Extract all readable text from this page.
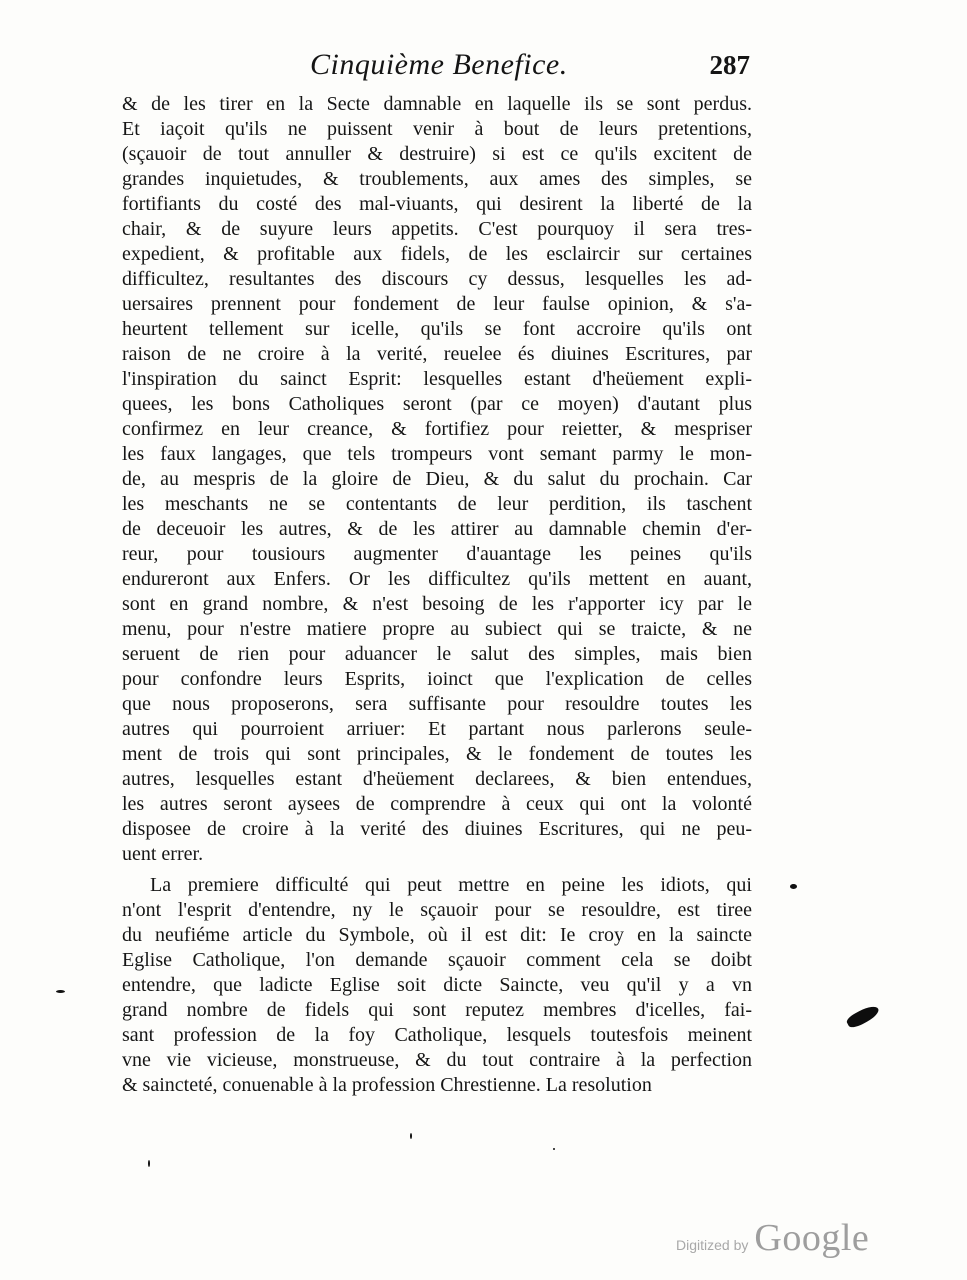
Cinquième Benefice.	287
& de les tirer en la Secte damnable en laquelle ils se sont perdus.
Et iaçoit qu'ils ne puissent venir à bout de leurs pretentions,
(sçauoir de tout annuller & destruire) si est ce qu'ils excitent de
grandes inquietudes, & troublements, aux ames des simples, se
fortifiants du costé des mal-viuants, qui desirent la liberté de la
chair, & de suyure leurs appetits. C'est pourquoy il sera tres-
expedient, & profitable aux fidels, de les esclaircir sur certaines
difficultez, resultantes des discours cy dessus, lesquelles les ad-
uersaires prennent pour fondement de leur faulse opinion, & s'a-
heurtent tellement sur icelle, qu'ils se font accroire qu'ils ont
raison de ne croire à la verité, reuelee és diuines Escritures, par
l'inspiration du sainct Esprit: lesquelles estant d'heüement expli-
quees, les bons Catholiques seront (par ce moyen) d'autant plus
confirmez en leur creance, & fortifiez pour reietter, & mespriser
les faux langages, que tels trompeurs vont semant parmy le mon-
de, au mespris de la gloire de Dieu, & du salut du prochain. Car
les meschants ne se contentants de leur perdition, ils taschent
de deceuoir les autres, & de les attirer au damnable chemin d'er-
reur, pour tousiours augmenter d'auantage les peines qu'ils
endureront aux Enfers. Or les difficultez qu'ils mettent en auant,
sont en grand nombre, & n'est besoing de les r'apporter icy par le
menu, pour n'estre matiere propre au subiect qui se traicte, & ne
seruent de rien pour aduancer le salut des simples, mais bien
pour confondre leurs Esprits, ioinct que l'explication de celles
que nous proposerons, sera suffisante pour resouldre toutes les
autres qui pourroient arriuer: Et partant nous parlerons seule-
ment de trois qui sont principales, & le fondement de toutes les
autres, lesquelles estant d'heüement declarees, & bien entendues,
les autres seront aysees de comprendre à ceux qui ont la volonté
disposee de croire à la verité des diuines Escritures, qui ne peu-
uent errer.
La premiere difficulté qui peut mettre en peine les idiots, qui
n'ont l'esprit d'entendre, ny le sçauoir pour se resouldre, est tiree
du neufiéme article du Symbole, où il est dit: Ie croy en la saincte
Eglise Catholique, l'on demande sçauoir comment cela se doibt
entendre, que ladicte Eglise soit dicte Saincte, veu qu'il y a vn
grand nombre de fidels qui sont reputez membres d'icelles, fai-
sant profession de la foy Catholique, lesquels toutesfois meinent
vne vie vicieuse, monstrueuse, & du tout contraire à la perfection
& saincteté, conuenable à la profession Chrestienne. La resolution
Digitized by Google
